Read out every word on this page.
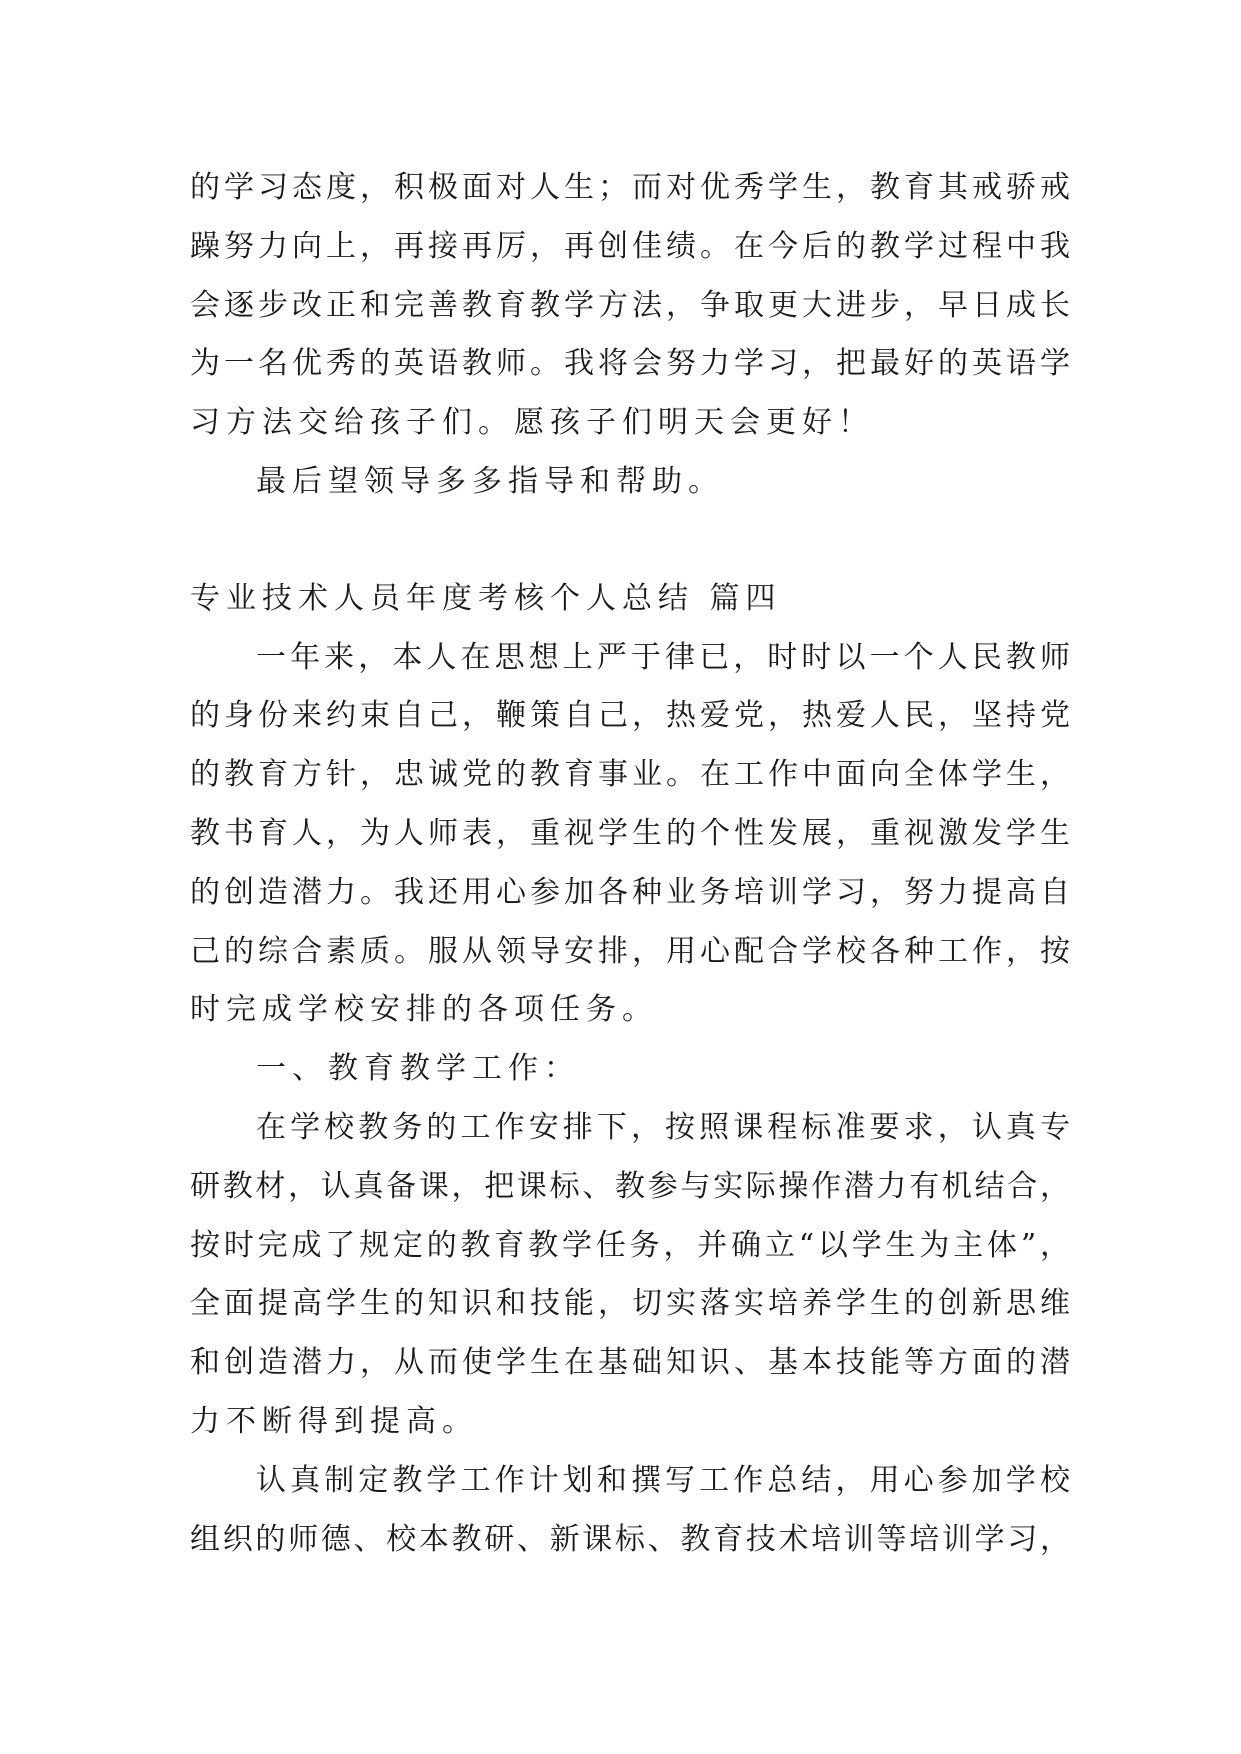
的学习态度，积极面对人生；而对优秀学生，教育其戒骄戒
躁努力向上，再接再厉，再创佳绩。在今后的教学过程中我
会逐步改正和完善教育教学方法，争取更大进步，早日成长
为一名优秀的英语教师。我将会努力学习，把最好的英语学
习方法交给孩子们。愿孩子们明天会更好！
最后望领导多多指导和帮助。
专业技术人员年度考核个人总结 篇四
一年来，本人在思想上严于律已，时时以一个人民教师
的身份来约束自己，鞭策自己，热爱党，热爱人民，坚持党
的教育方针，忠诚党的教育事业。在工作中面向全体学生，
教书育人，为人师表，重视学生的个性发展，重视激发学生
的创造潜力。我还用心参加各种业务培训学习，努力提高自
己的综合素质。服从领导安排，用心配合学校各种工作，按
时完成学校安排的各项任务。
一、教育教学工作：
在学校教务的工作安排下，按照课程标准要求，认真专
研教材，认真备课，把课标、教参与实际操作潜力有机结合，
按时完成了规定的教育教学任务，并确立“以学生为主体”，
全面提高学生的知识和技能，切实落实培养学生的创新思维
和创造潜力，从而使学生在基础知识、基本技能等方面的潜
力不断得到提高。
认真制定教学工作计划和撰写工作总结，用心参加学校
组织的师德、校本教研、新课标、教育技术培训等培训学习，
